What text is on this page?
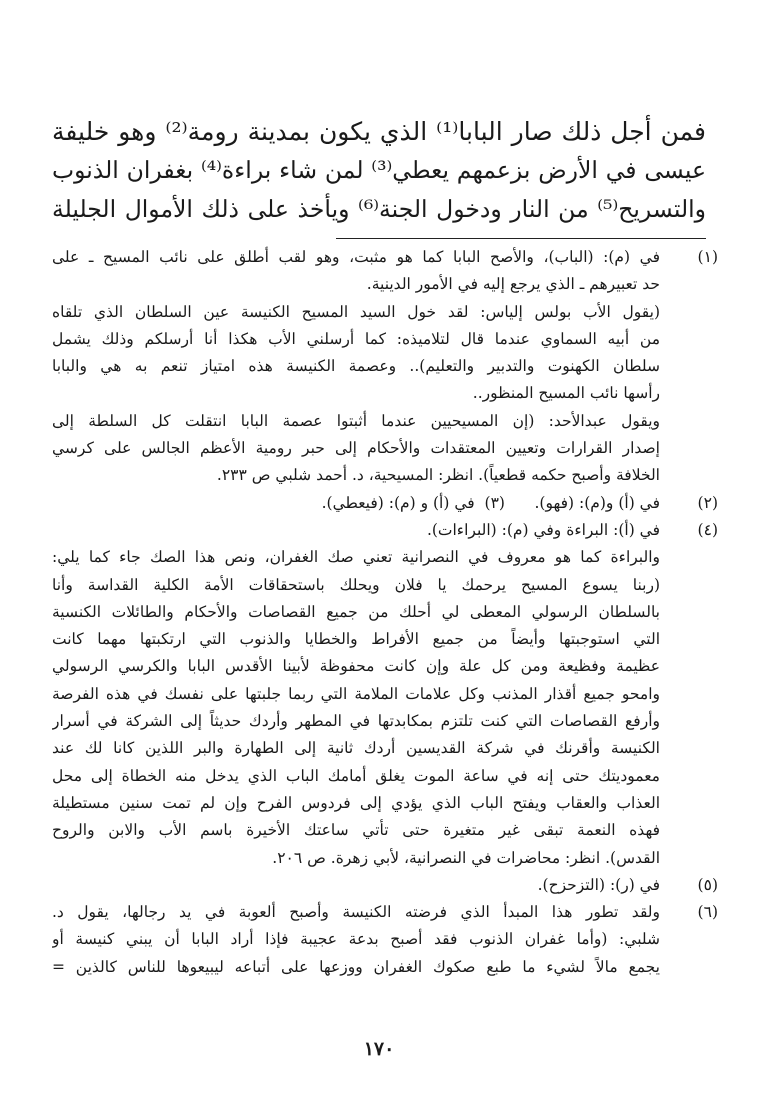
فمن أجل ذلك صار البابا⁽¹⁾ الذي يكون بمدينة رومة⁽²⁾ وهو خليفة
عيسى في الأرض بزعمهم يعطي⁽³⁾ لمن شاء براءة⁽⁴⁾ بغفران الذنوب
والتسريح⁽⁵⁾ من النار ودخول الجنة⁽⁶⁾ ويأخذ على ذلك الأموال الجليلة
(١)
في (م): (الباب)، والأصح البابا كما هو مثبت، وهو لقب أطلق على نائب المسيح ـ على
حد تعبيرهم ـ الذي يرجع إليه في الأمور الدينية.
(يقول الأب بولس إلياس: لقد خول السيد المسيح الكنيسة عين السلطان الذي تلقاه
من أبيه السماوي عندما قال لتلاميذه: كما أرسلني الأب هكذا أنا أرسلكم وذلك يشمل
سلطان الكهنوت والتدبير والتعليم).. وعصمة الكنيسة هذه امتياز تنعم به هي والبابا
رأسها نائب المسيح المنظور..
ويقول عبدالأحد: (إن المسيحيين عندما أثبتوا عصمة البابا انتقلت كل السلطة إلى
إصدار القرارات وتعيين المعتقدات والأحكام إلى حبر رومية الأعظم الجالس على كرسي
الخلافة وأصبح حكمه قطعياً). انظر: المسيحية، د. أحمد شلبي ص ٢٣٣.
(٢)
في (أ) و(م): (فهو).      (٣)  في (أ) و (م): (فيعطي).
(٤)
في (أ): البراءة وفي (م): (البراءات).
والبراءة كما هو معروف في النصرانية تعني صك الغفران، ونص هذا الصك جاء كما يلي:
(ربنا يسوع المسيح يرحمك يا فلان ويحلك باستحقاقات الأمة الكلية القداسة وأنا
بالسلطان الرسولي المعطى لي أحلك من جميع القصاصات والأحكام والطائلات الكنسية
التي استوجبتها وأيضاً من جميع الأفراط والخطايا والذنوب التي ارتكبتها مهما كانت
عظيمة وفظيعة ومن كل علة وإن كانت محفوظة لأبينا الأقدس البابا والكرسي الرسولي
وامحو جميع أقذار المذنب وكل علامات الملامة التي ربما جلبتها على نفسك في هذه الفرصة
وأرفع القصاصات التي كنت تلتزم بمكابدتها في المطهر وأردك حديثاً إلى الشركة في أسرار
الكنيسة وأقرنك في شركة القديسين أردك ثانية إلى الطهارة والبر اللذين كانا لك عند
معموديتك حتى إنه في ساعة الموت يغلق أمامك الباب الذي يدخل منه الخطاة إلى محل
العذاب والعقاب ويفتح الباب الذي يؤدي إلى فردوس الفرح وإن لم تمت سنين مستطيلة
فهذه النعمة تبقى غير متغيرة حتى تأتي ساعتك الأخيرة باسم الأب والابن والروح
القدس). انظر: محاضرات في النصرانية، لأبي زهرة. ص ٢٠٦.
(٥)
في (ر): (التزحزح).
(٦)
ولقد تطور هذا المبدأ الذي فرضته الكنيسة وأصبح ألعوبة في يد رجالها، يقول د.
شلبي: (وأما غفران الذنوب فقد أصبح بدعة عجيبة فإذا أراد البابا أن يبني كنيسة أو
يجمع مالاً لشيء ما طبع صكوك الغفران ووزعها على أتباعه ليبيعوها للناس كالذين =
١٧٠
